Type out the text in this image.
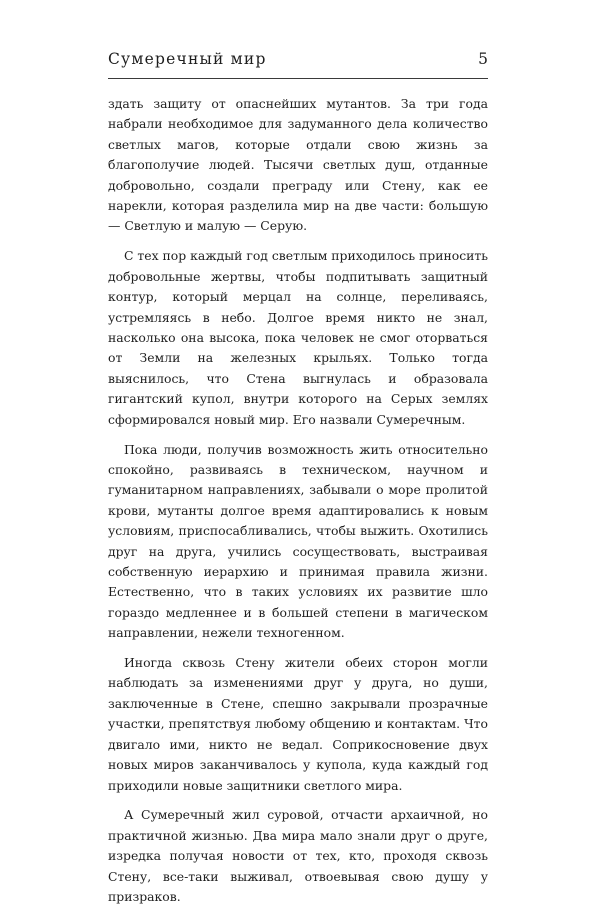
Сумеречный мир	5

здать защиту от опаснейших мутантов. За три года набрали необходимое для задуманного дела количество светлых магов, которые отдали свою жизнь за благополучие людей. Тысячи светлых душ, отданные добровольно, создали преграду или Стену, как ее нарекли, которая разделила мир на две части: большую — Светлую и малую — Серую.

С тех пор каждый год светлым приходилось приносить добровольные жертвы, чтобы подпитывать защитный контур, который мерцал на солнце, переливаясь, устремляясь в небо. Долгое время никто не знал, насколько она высока, пока человек не смог оторваться от Земли на железных крыльях. Только тогда выяснилось, что Стена выгнулась и образовала гигантский купол, внутри которого на Серых землях сформировался новый мир. Его назвали Сумеречным.

Пока люди, получив возможность жить относительно спокойно, развиваясь в техническом, научном и гуманитарном направлениях, забывали о море пролитой крови, мутанты долгое время адаптировались к новым условиям, приспосабливались, чтобы выжить. Охотились друг на друга, учились сосуществовать, выстраивая собственную иерархию и принимая правила жизни. Естественно, что в таких условиях их развитие шло гораздо медленнее и в большей степени в магическом направлении, нежели техногенном.

Иногда сквозь Стену жители обеих сторон могли наблюдать за изменениями друг у друга, но души, заключенные в Стене, спешно закрывали прозрачные участки, препятствуя любому общению и контактам. Что двигало ими, никто не ведал. Соприкосновение двух новых миров заканчивалось у купола, куда каждый год приходили новые защитники светлого мира.

А Сумеречный жил суровой, отчасти архаичной, но практичной жизнью. Два мира мало знали друг о друге, изредка получая новости от тех, кто, проходя сквозь Стену, все-таки выживал, отвоевывая свою душу у призраков.
